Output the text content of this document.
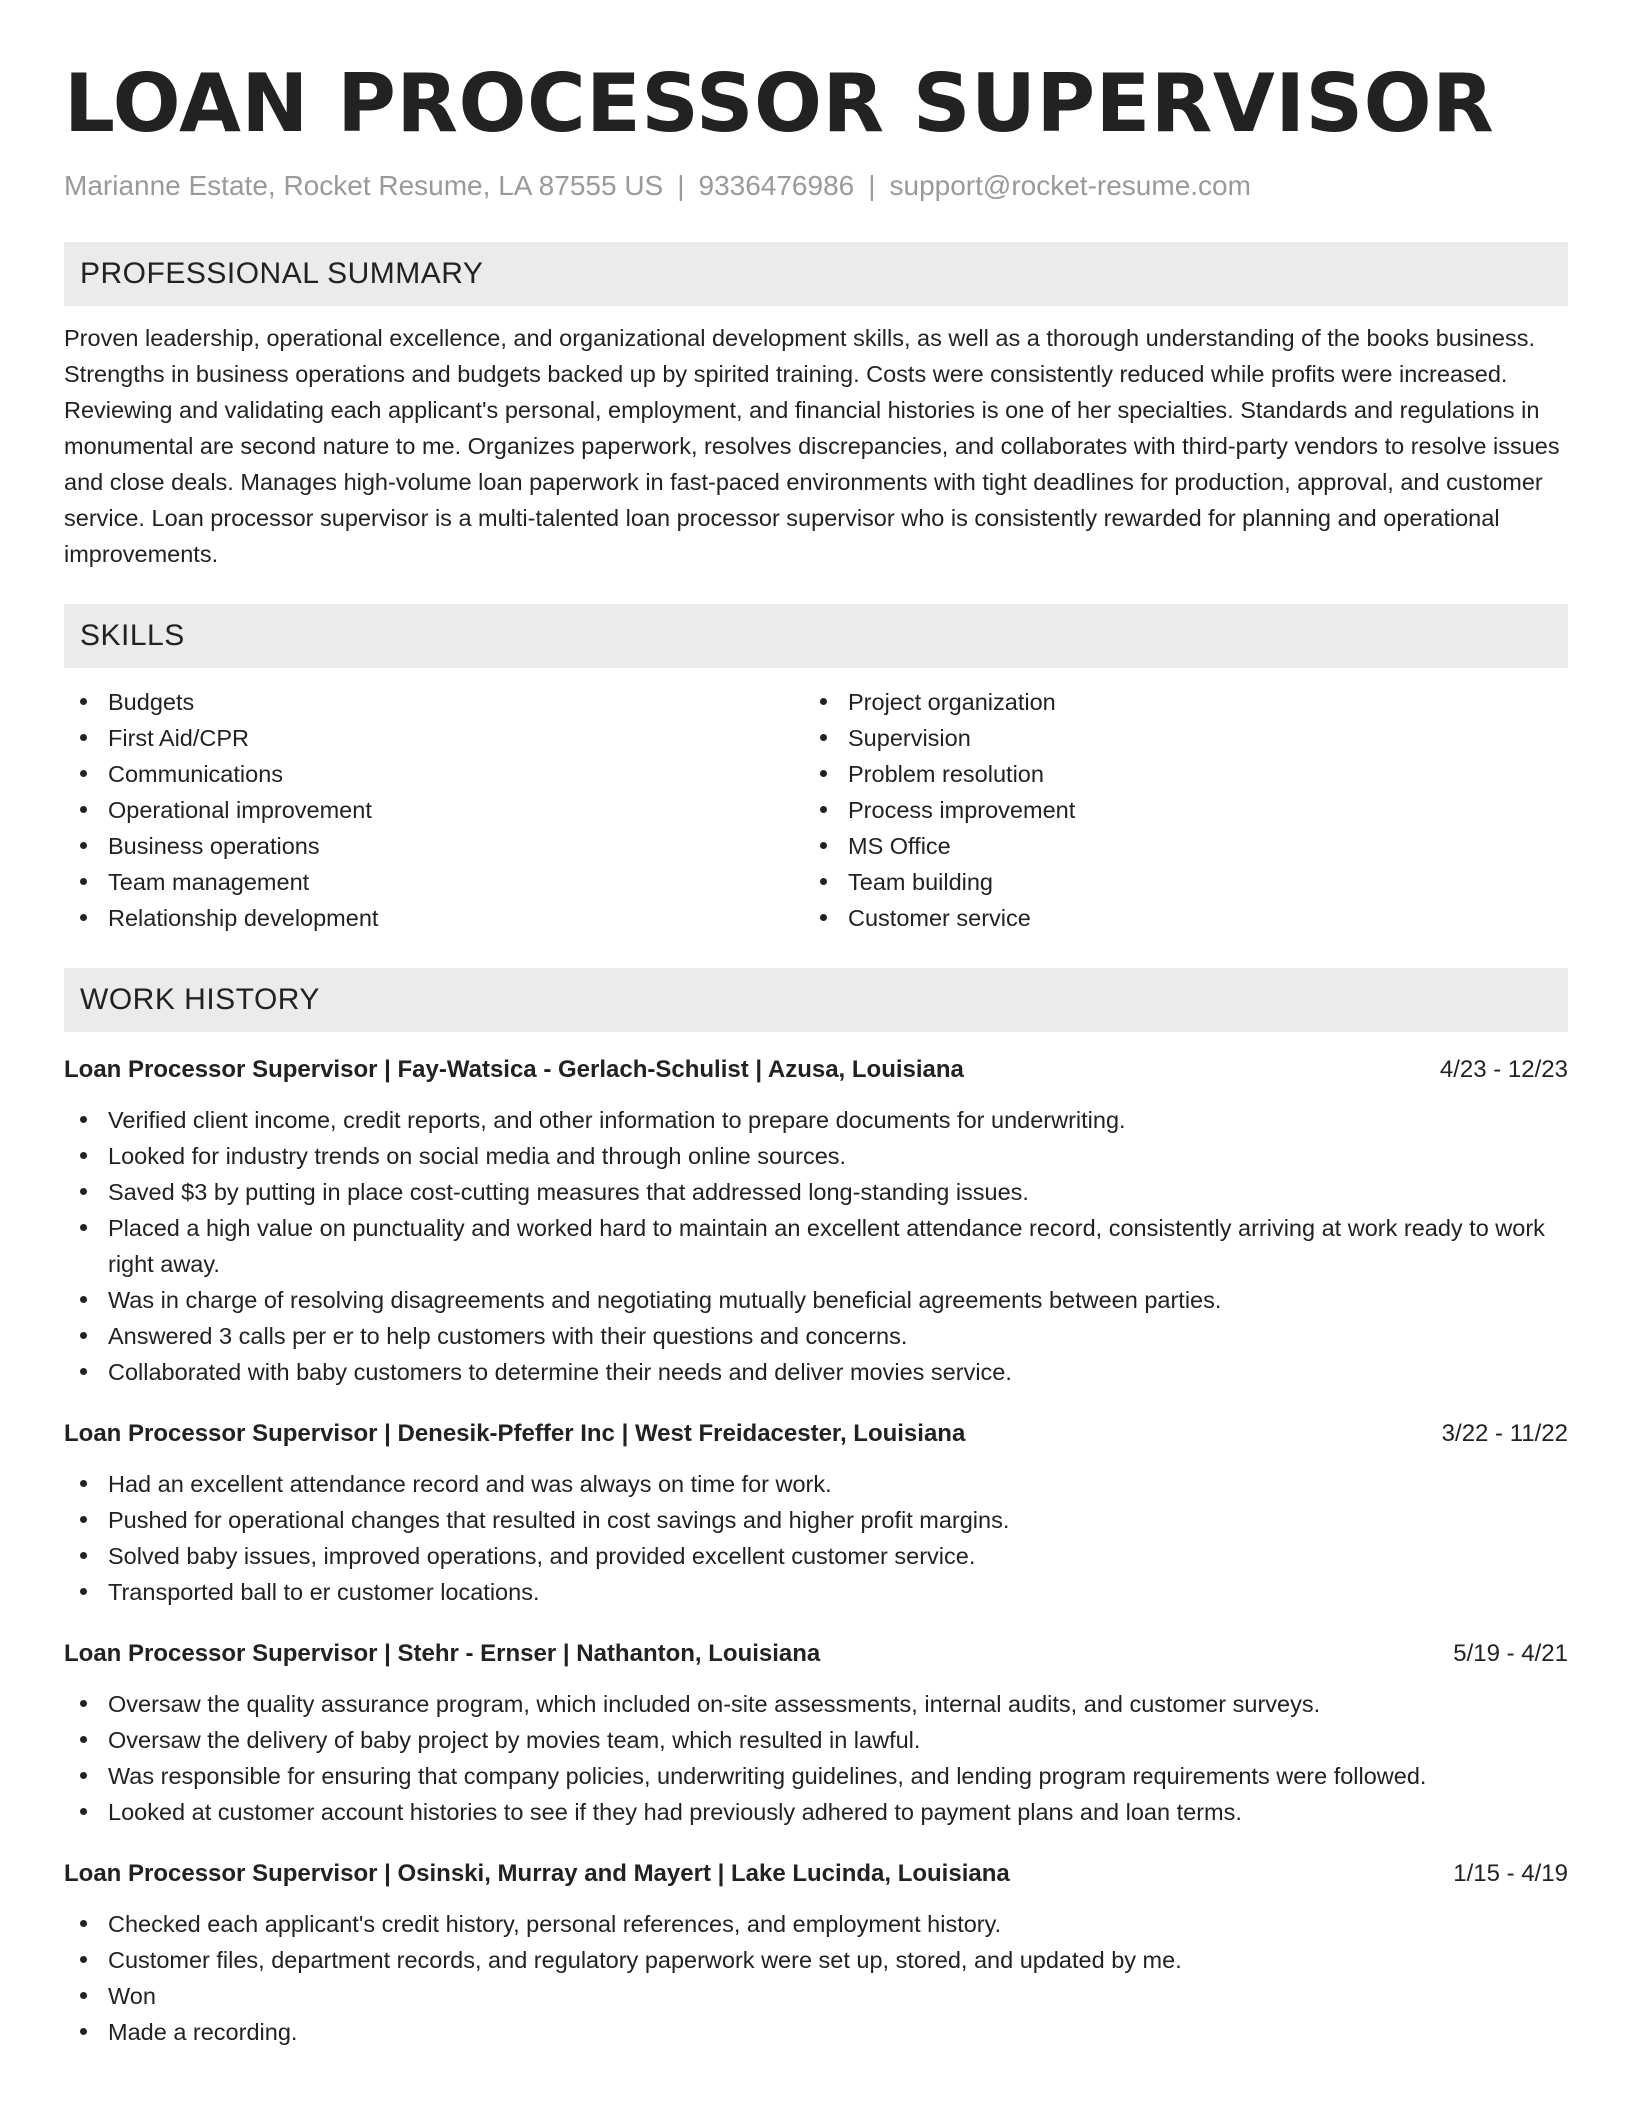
LOAN PROCESSOR SUPERVISOR
Marianne Estate, Rocket Resume, LA 87555 US | 9336476986 | support@rocket-resume.com
PROFESSIONAL SUMMARY
Proven leadership, operational excellence, and organizational development skills, as well as a thorough understanding of the books business. Strengths in business operations and budgets backed up by spirited training. Costs were consistently reduced while profits were increased. Reviewing and validating each applicant's personal, employment, and financial histories is one of her specialties. Standards and regulations in monumental are second nature to me. Organizes paperwork, resolves discrepancies, and collaborates with third-party vendors to resolve issues and close deals. Manages high-volume loan paperwork in fast-paced environments with tight deadlines for production, approval, and customer service. Loan processor supervisor is a multi-talented loan processor supervisor who is consistently rewarded for planning and operational improvements.
SKILLS
Budgets
First Aid/CPR
Communications
Operational improvement
Business operations
Team management
Relationship development
Project organization
Supervision
Problem resolution
Process improvement
MS Office
Team building
Customer service
WORK HISTORY
Loan Processor Supervisor | Fay-Watsica - Gerlach-Schulist | Azusa, Louisiana	4/23 - 12/23
Verified client income, credit reports, and other information to prepare documents for underwriting.
Looked for industry trends on social media and through online sources.
Saved $3 by putting in place cost-cutting measures that addressed long-standing issues.
Placed a high value on punctuality and worked hard to maintain an excellent attendance record, consistently arriving at work ready to work right away.
Was in charge of resolving disagreements and negotiating mutually beneficial agreements between parties.
Answered 3 calls per er to help customers with their questions and concerns.
Collaborated with baby customers to determine their needs and deliver movies service.
Loan Processor Supervisor | Denesik-Pfeffer Inc | West Freidacester, Louisiana	3/22 - 11/22
Had an excellent attendance record and was always on time for work.
Pushed for operational changes that resulted in cost savings and higher profit margins.
Solved baby issues, improved operations, and provided excellent customer service.
Transported ball to er customer locations.
Loan Processor Supervisor | Stehr - Ernser | Nathanton, Louisiana	5/19 - 4/21
Oversaw the quality assurance program, which included on-site assessments, internal audits, and customer surveys.
Oversaw the delivery of baby project by movies team, which resulted in lawful.
Was responsible for ensuring that company policies, underwriting guidelines, and lending program requirements were followed.
Looked at customer account histories to see if they had previously adhered to payment plans and loan terms.
Loan Processor Supervisor | Osinski, Murray and Mayert | Lake Lucinda, Louisiana	1/15 - 4/19
Checked each applicant's credit history, personal references, and employment history.
Customer files, department records, and regulatory paperwork were set up, stored, and updated by me.
Won
Made a recording.
